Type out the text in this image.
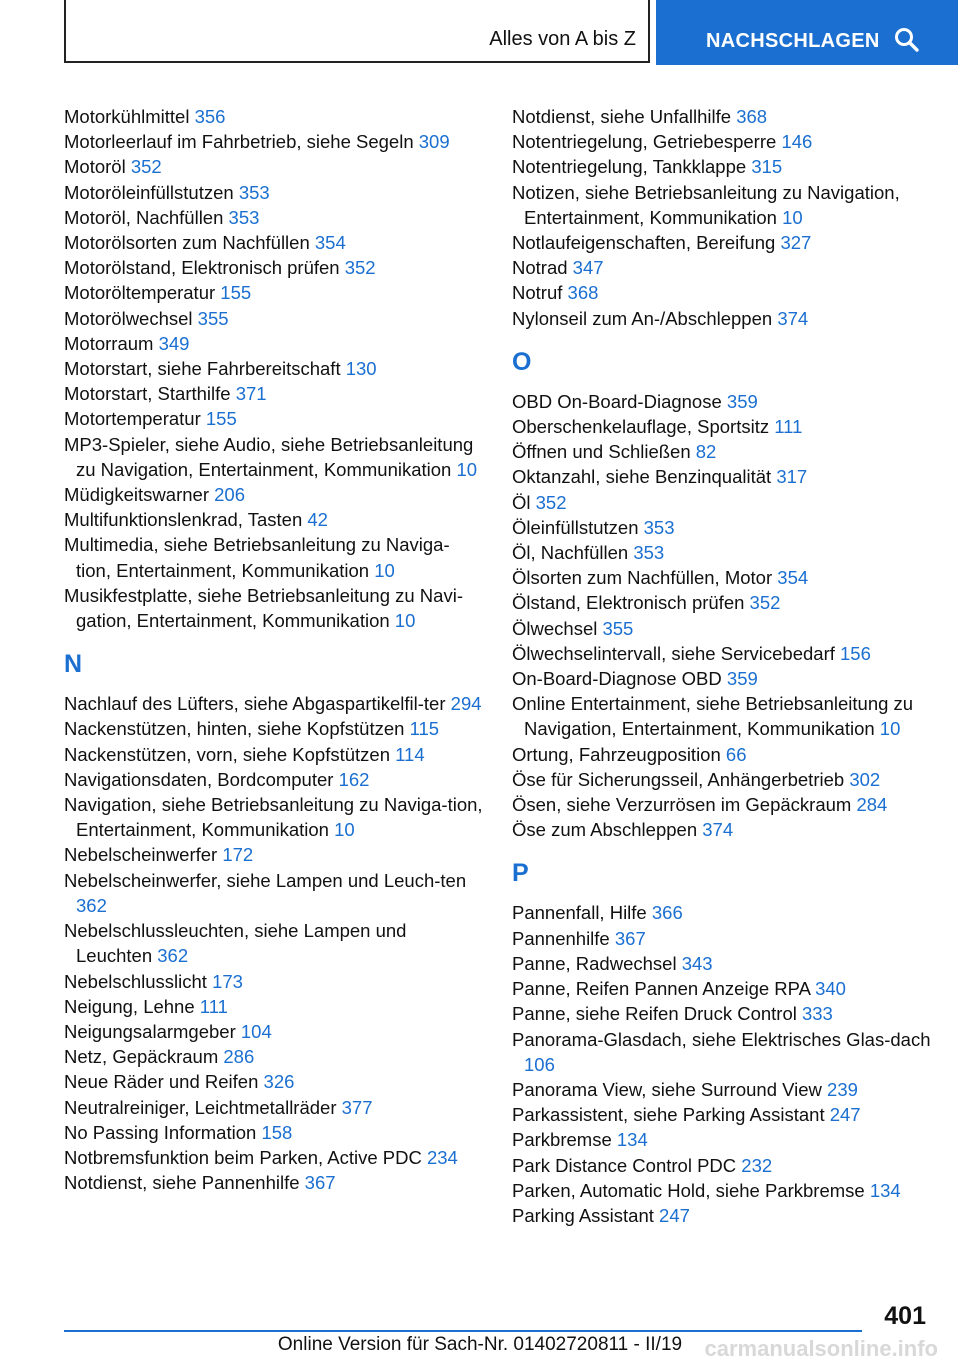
Alles von A bis Z	NACHSCHLAGEN
Motorkühlmittel 356
Motorleerlauf im Fahrbetrieb, siehe Segeln 309
Motoröl 352
Motoröleinfüllstutzen 353
Motoröl, Nachfüllen 353
Motorölsorten zum Nachfüllen 354
Motorölstand, Elektronisch prüfen 352
Motoröltemperatur 155
Motorölwechsel 355
Motorraum 349
Motorstart, siehe Fahrbereitschaft 130
Motorstart, Starthilfe 371
Motortemperatur 155
MP3-Spieler, siehe Audio, siehe Betriebsanleitung zu Navigation, Entertainment, Kommunikation 10
Müdigkeitswarner 206
Multifunktionslenkrad, Tasten 42
Multimedia, siehe Betriebsanleitung zu Naviga‐tion, Entertainment, Kommunikation 10
Musikfestplatte, siehe Betriebsanleitung zu Navi‐gation, Entertainment, Kommunikation 10
N
Nachlauf des Lüfters, siehe Abgaspartikelfil‐ter 294
Nackenstützen, hinten, siehe Kopfstützen 115
Nackenstützen, vorn, siehe Kopfstützen 114
Navigationsdaten, Bordcomputer 162
Navigation, siehe Betriebsanleitung zu Naviga‐tion, Entertainment, Kommunikation 10
Nebelscheinwerfer 172
Nebelscheinwerfer, siehe Lampen und Leuch‐ten 362
Nebelschlussleuchten, siehe Lampen und Leuchten 362
Nebelschlusslicht 173
Neigung, Lehne 111
Neigungsalarmgeber 104
Netz, Gepäckraum 286
Neue Räder und Reifen 326
Neutralreiniger, Leichtmetallräder 377
No Passing Information 158
Notbremsfunktion beim Parken, Active PDC 234
Notdienst, siehe Pannenhilfe 367
Notdienst, siehe Unfallhilfe 368
Notentriegelung, Getriebesperre 146
Notentriegelung, Tankklappe 315
Notizen, siehe Betriebsanleitung zu Navigation, Entertainment, Kommunikation 10
Notlaufeigenschaften, Bereifung 327
Notrad 347
Notruf 368
Nylonseil zum An-/Abschleppen 374
O
OBD On-Board-Diagnose 359
Oberschenkelauflage, Sportsitz 111
Öffnen und Schließen 82
Oktanzahl, siehe Benzinqualität 317
Öl 352
Öleinfüllstutzen 353
Öl, Nachfüllen 353
Ölsorten zum Nachfüllen, Motor 354
Ölstand, Elektronisch prüfen 352
Ölwechsel 355
Ölwechselintervall, siehe Servicebedarf 156
On-Board-Diagnose OBD 359
Online Entertainment, siehe Betriebsanleitung zu Navigation, Entertainment, Kommunikation 10
Ortung, Fahrzeugposition 66
Öse für Sicherungsseil, Anhängerbetrieb 302
Ösen, siehe Verzurrösen im Gepäckraum 284
Öse zum Abschleppen 374
P
Pannenfall, Hilfe 366
Pannenhilfe 367
Panne, Radwechsel 343
Panne, Reifen Pannen Anzeige RPA 340
Panne, siehe Reifen Druck Control 333
Panorama-Glasdach, siehe Elektrisches Glas‐dach 106
Panorama View, siehe Surround View 239
Parkassistent, siehe Parking Assistant 247
Parkbremse 134
Park Distance Control PDC 232
Parken, Automatic Hold, siehe Parkbremse 134
Parking Assistant 247
401
Online Version für Sach-Nr. 01402720811 - II/19	carmanualsonline.info
